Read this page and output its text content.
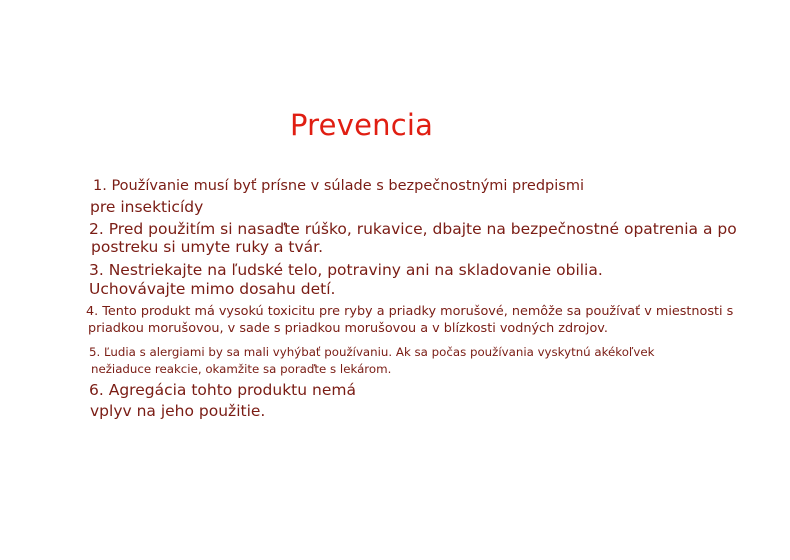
Prevencia
1. Používanie musí byť prísne v súlade s bezpečnostnými predpismi
pre insekticídy
2. Pred použitím si nasaďte rúško, rukavice, dbajte na bezpečnostné opatrenia a po
postreku si umyte ruky a tvár.
3. Nestriekajte na ľudské telo, potraviny ani na skladovanie obilia.
Uchovávajte mimo dosahu detí.
4. Tento produkt má vysokú toxicitu pre ryby a priadky morušové, nemôže sa používať v miestnosti s
priadkou morušovou, v sade s priadkou morušovou a v blízkosti vodných zdrojov.
5. Ľudia s alergiami by sa mali vyhýbať používaniu. Ak sa počas používania vyskytnú akékoľvek
nežiaduce reakcie, okamžite sa poraďte s lekárom.
6. Agregácia tohto produktu nemá
vplyv na jeho použitie.
